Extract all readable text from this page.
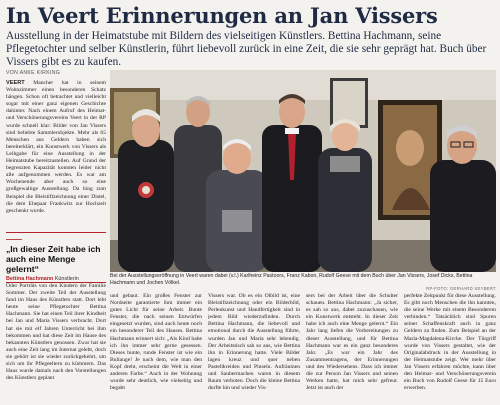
In Veert Erinnerungen an Jan Vissers
Ausstellung in der Heimatstube mit Bildern des vielseitigen Künstlers. Bettina Hachmann, seine Pflegetochter und selber Künstlerin, führt liebevoll zurück in eine Zeit, die sie sehr geprägt hat. Buch über Vissers gibt es zu kaufen.
VON ANKE KIRKING

VEERT Mancher hat in seinem Wohnzimmer einen besonderen Schatz hängen. Schon oft betrachtet und vielleicht sogar mit einer ganz eigenen Geschichte dahinter. Nach einem Aufruf des Heimat- und Verschönerungsvereins Veert in der RP wurde schnell klar: Bilder von Jan Vissers sind beliebte Sammlerobjekte. Mehr als 65 Menschen aus Geldern haben sich bereiterklärt, ein Kunstwerk von Vissers als Leihgabe für eine Ausstellung in der Heimatstube bereitzustellen. Auf Grund der begrenzten Kapazität konnten leider nicht alle aufgenommen werden. Es war am Wochenende aber auch so eine großgewaltige Ausstellung. Da hing zum Beispiel die Bleistiftzeichnung einer Distel, die dem Ehepaar Frankwitz zur Hochzeit geschenkt wurde.

——
„In dieser Zeit habe ich auch eine Menge gelernt“
Bettina Hachmann Künstlerin

Oder Porträts von den Kindern der Familie Sommer. Der zweite Teil der Ausstellung fand im Haus des Künstlers statt. Dort lebt heute seine Pflegetochter Bettina Hachmann. Sie hat einen Teil ihrer Kindheit bei Jan und Maria Vissers verbracht. Dort hat sie mit elf Jahren Unterricht bei ihm bekommen und hat diese Zeit im Hause des bekannten Künstlers genossen. Zwar hat sie auch eine Zeit lang im Internat gelebt, doch sie gehört ist sie wieder zurückgekehrt, um sich um ihr Pflegeeltern zu kümmern. Das Haus wurde damals nach den Vorstellungen des Künstlers geplant

Bei der Ausstellungseröffnung in Veert waren dabei (v.l.) Karlheinz Pastoors, Franz Kabon, Rudolf Geese mit dem Buch über Jan Vissers, Josef Dicks, Bettina Hachmann und Jochen Völkel.
RP-FOTO: GERHARD SEYBERT

und gebaut. Ein großes Fenster zur Nordseite garantierte ihm immer ein gutes Licht für seine Arbeit. Bunte Fenster, die nach seinen Entwürfen eingesetzt wurden, sind auch heute noch ein besonderer Teil des Hauses. Bettina Hachmann erinnert sich: „Als Kind habe ich ihn immer sehr gerne gesessen. Dieses bunte, runde Fenster ist wie ein Bullauge! Je nach dem, wie man den Kopf dreht, erscheint die Welt in einer anderen Farbe.“ Auch in der Wohnung wurde sehr deutlich, wie vielseitig und begabt

Vissers war. Ob es ein Ölbild ist, eine Bleistiftzeichnung oder ein Bilderbild, Perlenkunst und Handfertigkeit sind in jedem Bild wiederzufinden. Durch Bettina Hachmann, die liebevoll und emotional durch die Ausstellung führte, wurden Jan und Maria sehr lebendig. Der Arbeitstisch sah so aus, wie Bettina ihn in Erinnerung hatte. Viele Bilder lagen kreuz und quer neben Pastellkreiden und Pinseln. Aufräumen und Saubermachen waren in diesem Raum verboten. Doch die kleine Bettina durfte hin und wieder Vis-

sers bei der Arbeit über die Schulter schauen. Bettina Hachmann: „Ja sicher, es sah so aus, dabei zuzuschauen, wie ein Kunstwerk entsteht. In dieser Zeit habe ich auch eine Menge gelernt.“ Ein Jahr lang liefen die Vorbereitungen zu dieser Ausstellung, und für Bettina Hachmann war es ein ganz besonderes Jahr. „Es war ein Jahr des Zusammentragens, der Erinnerungen und des Wiedersehens. Dass ich immer die zur Person Jan Vissers und seinen Werken hatte, hat mich sehr gefreut. Jetzt ist auch der

perfekte Zeitpunkt für diese Ausstellung. Es gibt noch Menschen die ihn kannten, die seine Werke mit einem Besonderem verbinden.“ Tatsächlich sind Spuren seiner Schaffenskraft auch in ganz Geldern zu finden. Zum Beispiel an der Maria-Magdalena-Kirche. Der Türgriff wurde von Vissers gestaltet, wie der Originalabdruck in der Ausstellung in der Heimatstube zeigt. Wer mehr über Jan Vissers erfahren möchte, kann über den Heimat- und Verschönerungsverein ein Buch von Rudolf Geese für 15 Euro erwerben.
